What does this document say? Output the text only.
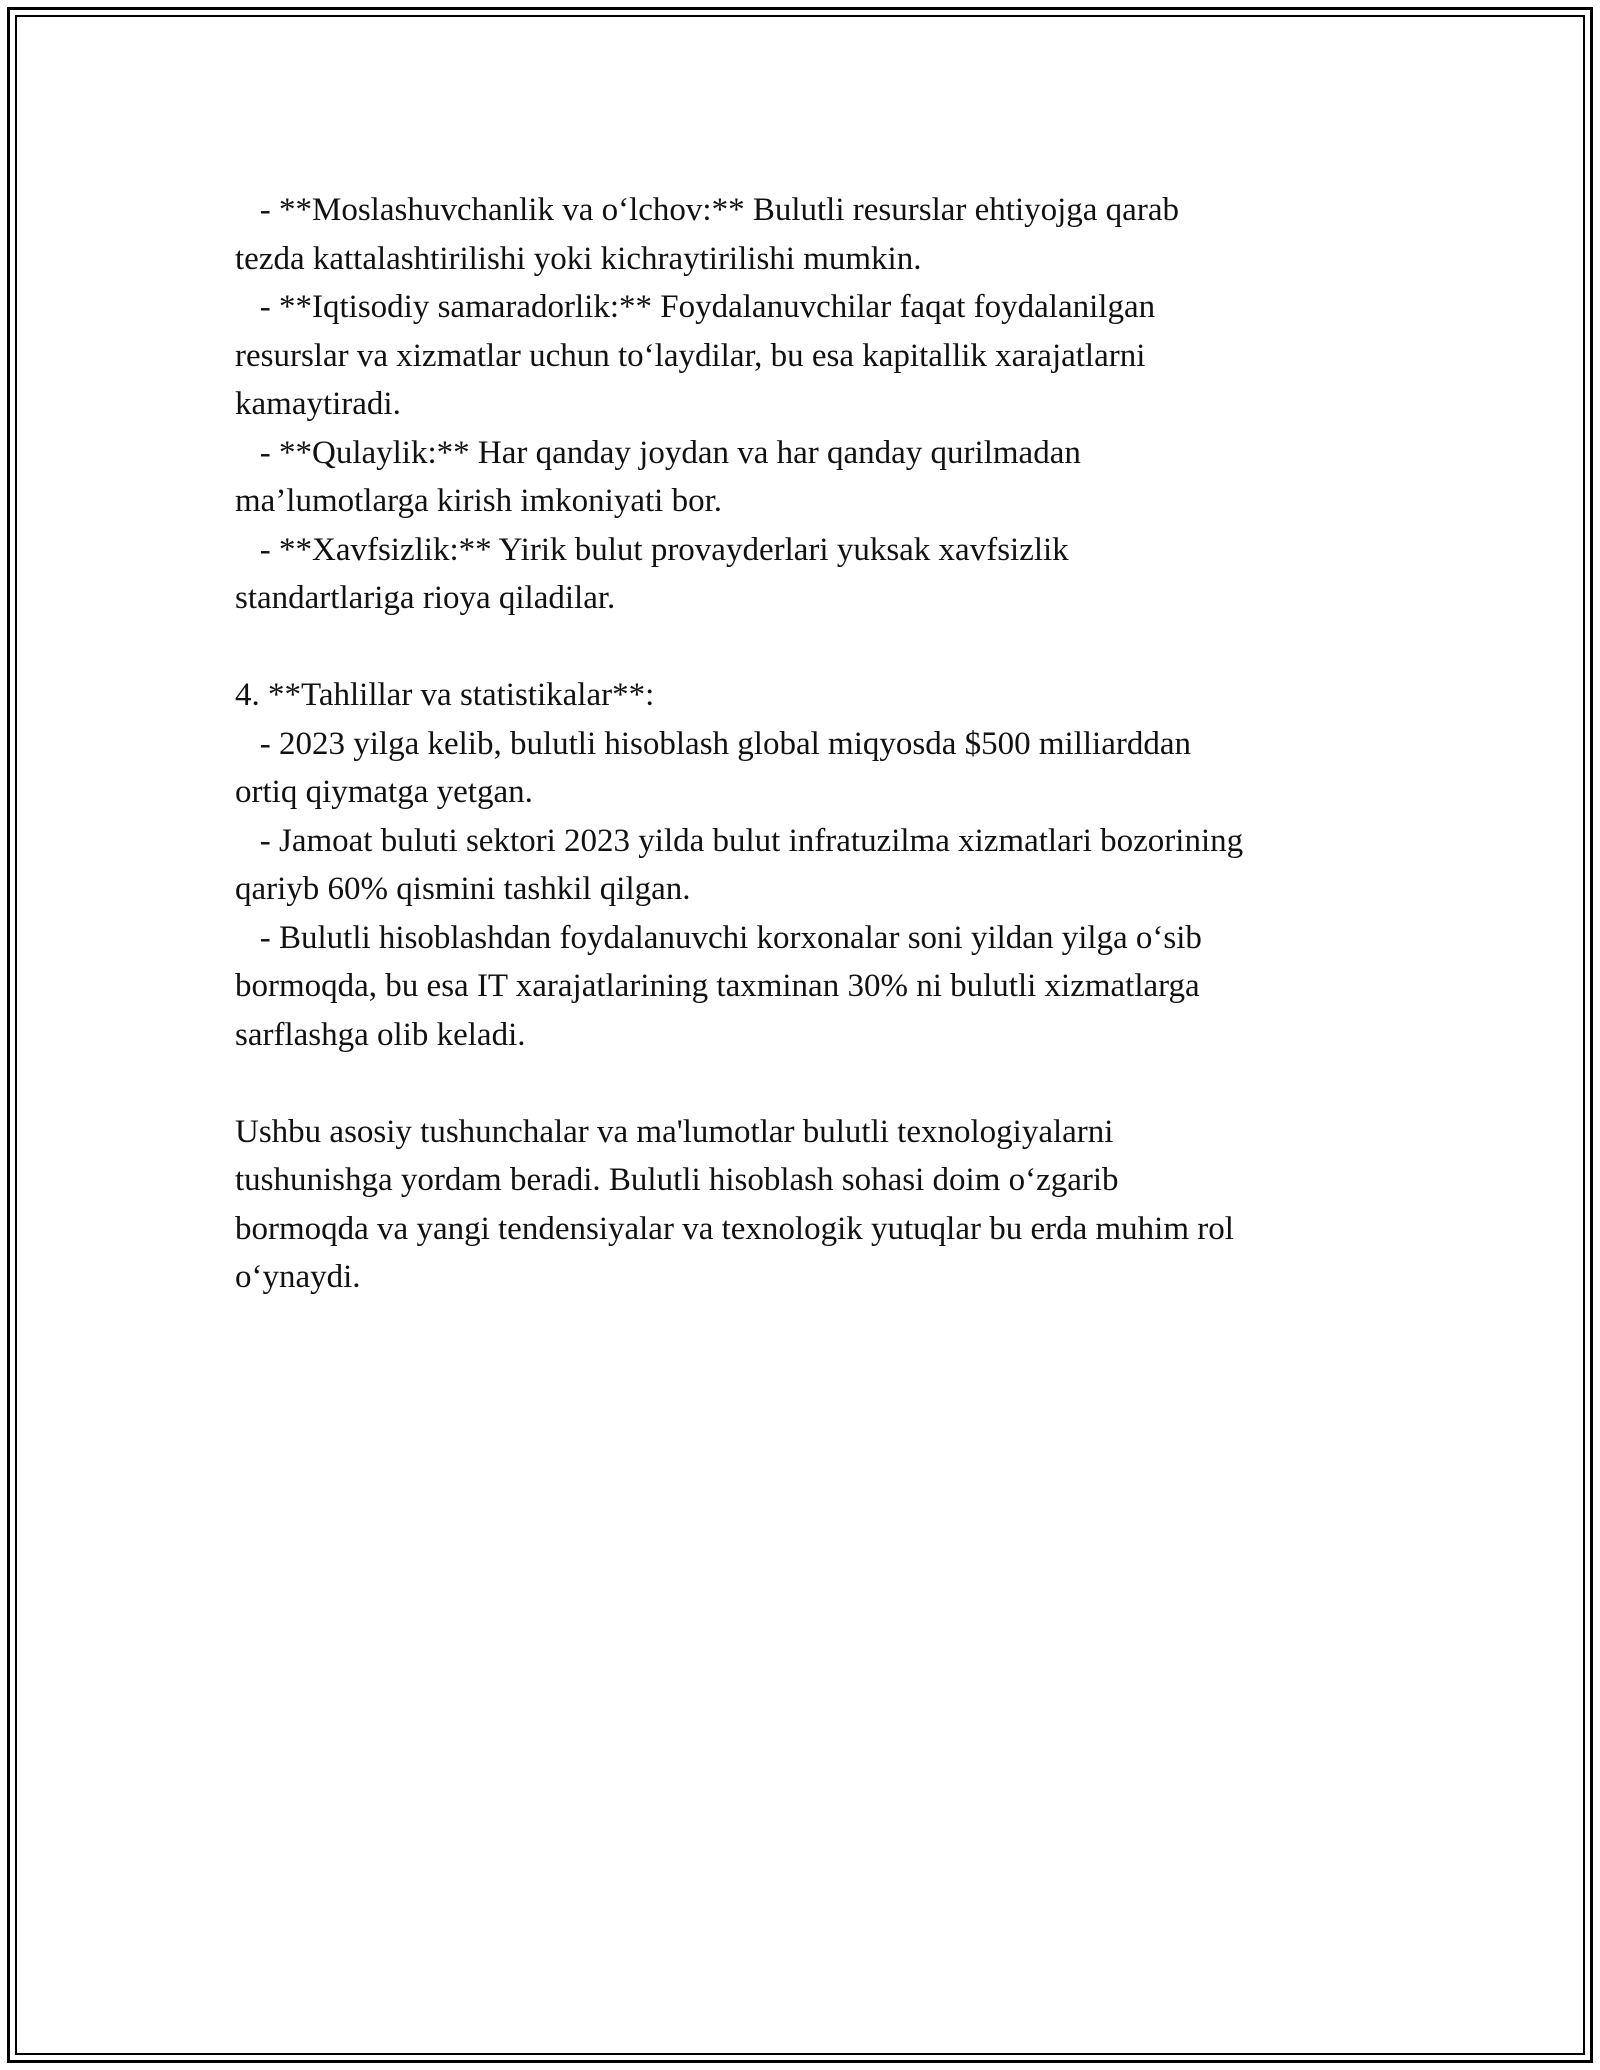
- **Moslashuvchanlik va o‘lchov:** Bulutli resurslar ehtiyojga qarab
tezda kattalashtirilishi yoki kichraytirilishi mumkin.
- **Iqtisodiy samaradorlik:** Foydalanuvchilar faqat foydalanilgan
resurslar va xizmatlar uchun to‘laydilar, bu esa kapitallik xarajatlarni
kamaytiradi.
- **Qulaylik:** Har qanday joydan va har qanday qurilmadan
ma’lumotlarga kirish imkoniyati bor.
- **Xavfsizlik:** Yirik bulut provayderlari yuksak xavfsizlik
standartlariga rioya qiladilar.
4. **Tahlillar va statistikalar**:
- 2023 yilga kelib, bulutli hisoblash global miqyosda $500 milliarddan
ortiq qiymatga yetgan.
- Jamoat buluti sektori 2023 yilda bulut infratuzilma xizmatlari bozorining
qariyb 60% qismini tashkil qilgan.
- Bulutli hisoblashdan foydalanuvchi korxonalar soni yildan yilga o‘sib
bormoqda, bu esa IT xarajatlarining taxminan 30% ni bulutli xizmatlarga
sarflashga olib keladi.
Ushbu asosiy tushunchalar va ma'lumotlar bulutli texnologiyalarni
tushunishga yordam beradi. Bulutli hisoblash sohasi doim o‘zgarib
bormoqda va yangi tendensiyalar va texnologik yutuqlar bu erda muhim rol
o‘ynaydi.
